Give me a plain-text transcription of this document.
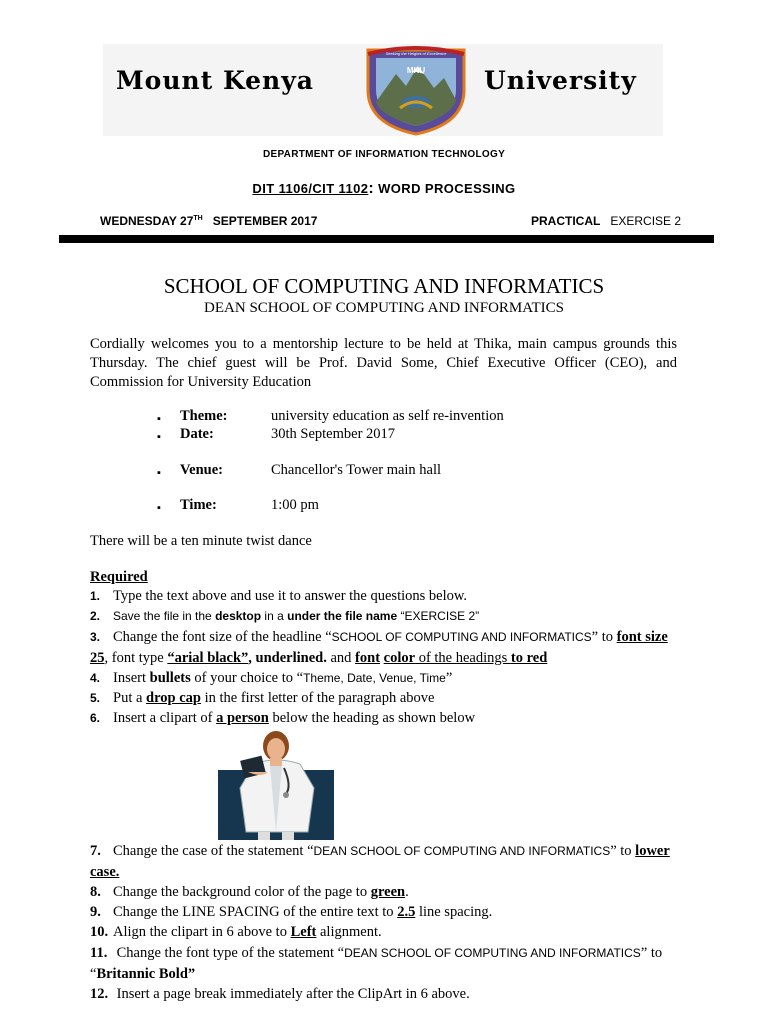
Mount Kenya	University
Seeking the Heights of Excellence
MKU
DEPARTMENT OF INFORMATION TECHNOLOGY
DIT 1106/CIT 1102: WORD PROCESSING
WEDNESDAY 27TH   SEPTEMBER 2017	PRACTICAL EXERCISE 2
SCHOOL OF COMPUTING AND INFORMATICS
DEAN SCHOOL OF COMPUTING AND INFORMATICS
Cordially welcomes you to a mentorship lecture to be held at Thika, main campus grounds this Thursday. The chief guest will be Prof. David Some, Chief Executive Officer (CEO), and Commission for University Education
▪ Theme:	university education as self re-invention
▪ Date:	30th September 2017
▪ Venue:	Chancellor's Tower main hall
▪ Time:	1:00 pm
There will be a ten minute twist dance
Required
1. Type the text above and use it to answer the questions below.
2. Save the file in the desktop in a under the file name “EXERCISE 2”
3. Change the font size of the headline “SCHOOL OF COMPUTING AND INFORMATICS” to font size 25, font type “arial black”, underlined. and font color of the headings to red
4. Insert bullets of your choice to “Theme, Date, Venue, Time”
5. Put a drop cap in the first letter of the paragraph above
6. Insert a clipart of a person below the heading as shown below
7. Change the case of the statement “DEAN SCHOOL OF COMPUTING AND INFORMATICS” to lower case.
8. Change the background color of the page to green.
9. Change the LINE SPACING of the entire text to 2.5 line spacing.
10. Align the clipart in 6 above to Left alignment.
11. Change the font type of the statement “DEAN SCHOOL OF COMPUTING AND INFORMATICS” to “Britannic Bold”
12. Insert a page break immediately after the ClipArt in 6 above.
